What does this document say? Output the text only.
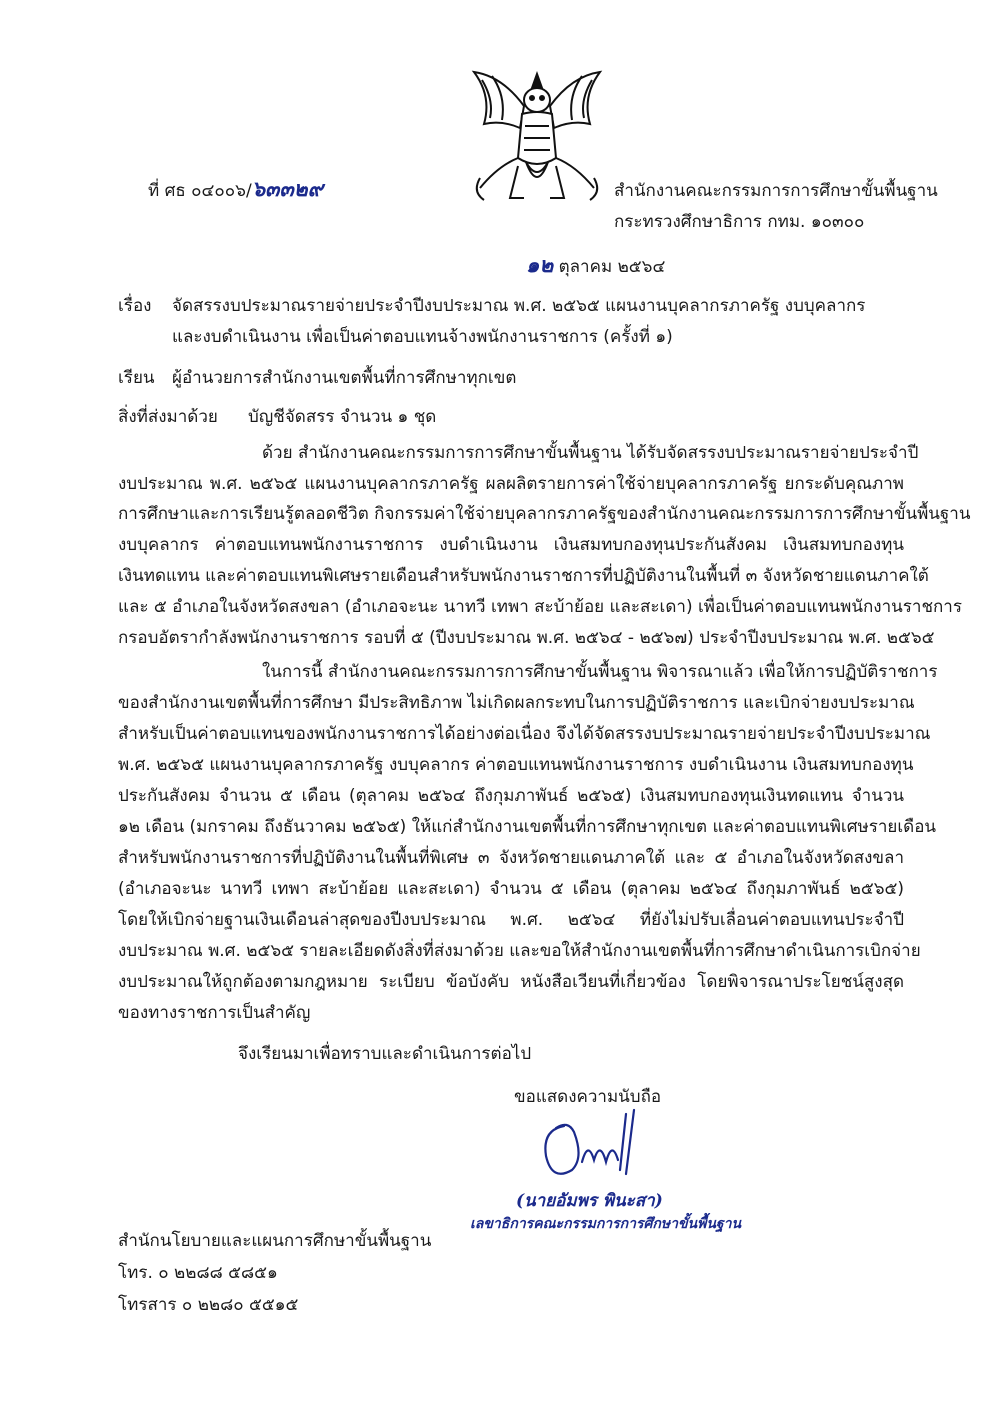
ที่ ศธ ๐๔๐๐๖/๖๓๓๒๙	สำนักงานคณะกรรมการการศึกษาขั้นพื้นฐาน
กระทรวงศึกษาธิการ กทม. ๑๐๓๐๐
๑๒ ตุลาคม ๒๕๖๔
เรื่อง จัดสรรงบประมาณรายจ่ายประจำปีงบประมาณ พ.ศ. ๒๕๖๕ แผนงานบุคลากรภาครัฐ งบบุคลากร
และงบดำเนินงาน เพื่อเป็นค่าตอบแทนจ้างพนักงานราชการ (ครั้งที่ ๑)
เรียน ผู้อำนวยการสำนักงานเขตพื้นที่การศึกษาทุกเขต
สิ่งที่ส่งมาด้วย บัญชีจัดสรร จำนวน ๑ ชุด
ด้วย สำนักงานคณะกรรมการการศึกษาขั้นพื้นฐาน ได้รับจัดสรรงบประมาณรายจ่ายประจำปี
งบประมาณ พ.ศ. ๒๕๖๕ แผนงานบุคลากรภาครัฐ ผลผลิตรายการค่าใช้จ่ายบุคลากรภาครัฐ ยกระดับคุณภาพ
การศึกษาและการเรียนรู้ตลอดชีวิต กิจกรรมค่าใช้จ่ายบุคลากรภาครัฐของสำนักงานคณะกรรมการการศึกษาขั้นพื้นฐาน
งบบุคลากร ค่าตอบแทนพนักงานราชการ งบดำเนินงาน เงินสมทบกองทุนประกันสังคม เงินสมทบกองทุน
เงินทดแทน และค่าตอบแทนพิเศษรายเดือนสำหรับพนักงานราชการที่ปฏิบัติงานในพื้นที่ ๓ จังหวัดชายแดนภาคใต้
และ ๕ อำเภอในจังหวัดสงขลา (อำเภอจะนะ นาทวี เทพา สะบ้าย้อย และสะเดา) เพื่อเป็นค่าตอบแทนพนักงานราชการ
กรอบอัตรากำลังพนักงานราชการ รอบที่ ๕ (ปีงบประมาณ พ.ศ. ๒๕๖๔ - ๒๕๖๗) ประจำปีงบประมาณ พ.ศ. ๒๕๖๕
ในการนี้ สำนักงานคณะกรรมการการศึกษาขั้นพื้นฐาน พิจารณาแล้ว เพื่อให้การปฏิบัติราชการ
ของสำนักงานเขตพื้นที่การศึกษา มีประสิทธิภาพ ไม่เกิดผลกระทบในการปฏิบัติราชการ และเบิกจ่ายงบประมาณ
สำหรับเป็นค่าตอบแทนของพนักงานราชการได้อย่างต่อเนื่อง จึงได้จัดสรรงบประมาณรายจ่ายประจำปีงบประมาณ
พ.ศ. ๒๕๖๕ แผนงานบุคลากรภาครัฐ งบบุคลากร ค่าตอบแทนพนักงานราชการ งบดำเนินงาน เงินสมทบกองทุน
ประกันสังคม จำนวน ๕ เดือน (ตุลาคม ๒๕๖๔ ถึงกุมภาพันธ์ ๒๕๖๕) เงินสมทบกองทุนเงินทดแทน จำนวน
๑๒ เดือน (มกราคม ถึงธันวาคม ๒๕๖๕) ให้แก่สำนักงานเขตพื้นที่การศึกษาทุกเขต และค่าตอบแทนพิเศษรายเดือน
สำหรับพนักงานราชการที่ปฏิบัติงานในพื้นที่พิเศษ ๓ จังหวัดชายแดนภาคใต้ และ ๕ อำเภอในจังหวัดสงขลา
(อำเภอจะนะ นาทวี เทพา สะบ้าย้อย และสะเดา) จำนวน ๕ เดือน (ตุลาคม ๒๕๖๔ ถึงกุมภาพันธ์ ๒๕๖๕)
โดยให้เบิกจ่ายฐานเงินเดือนล่าสุดของปีงบประมาณ พ.ศ. ๒๕๖๔ ที่ยังไม่ปรับเลื่อนค่าตอบแทนประจำปี
งบประมาณ พ.ศ. ๒๕๖๕ รายละเอียดดังสิ่งที่ส่งมาด้วย และขอให้สำนักงานเขตพื้นที่การศึกษาดำเนินการเบิกจ่าย
งบประมาณให้ถูกต้องตามกฎหมาย ระเบียบ ข้อบังคับ หนังสือเวียนที่เกี่ยวข้อง โดยพิจารณาประโยชน์สูงสุด
ของทางราชการเป็นสำคัญ
จึงเรียนมาเพื่อทราบและดำเนินการต่อไป
ขอแสดงความนับถือ
(นายอัมพร พินะสา)
เลขาธิการคณะกรรมการการศึกษาขั้นพื้นฐาน
สำนักนโยบายและแผนการศึกษาขั้นพื้นฐาน
โทร. ๐ ๒๒๘๘ ๕๘๕๑
โทรสาร ๐ ๒๒๘๐ ๕๕๑๕
